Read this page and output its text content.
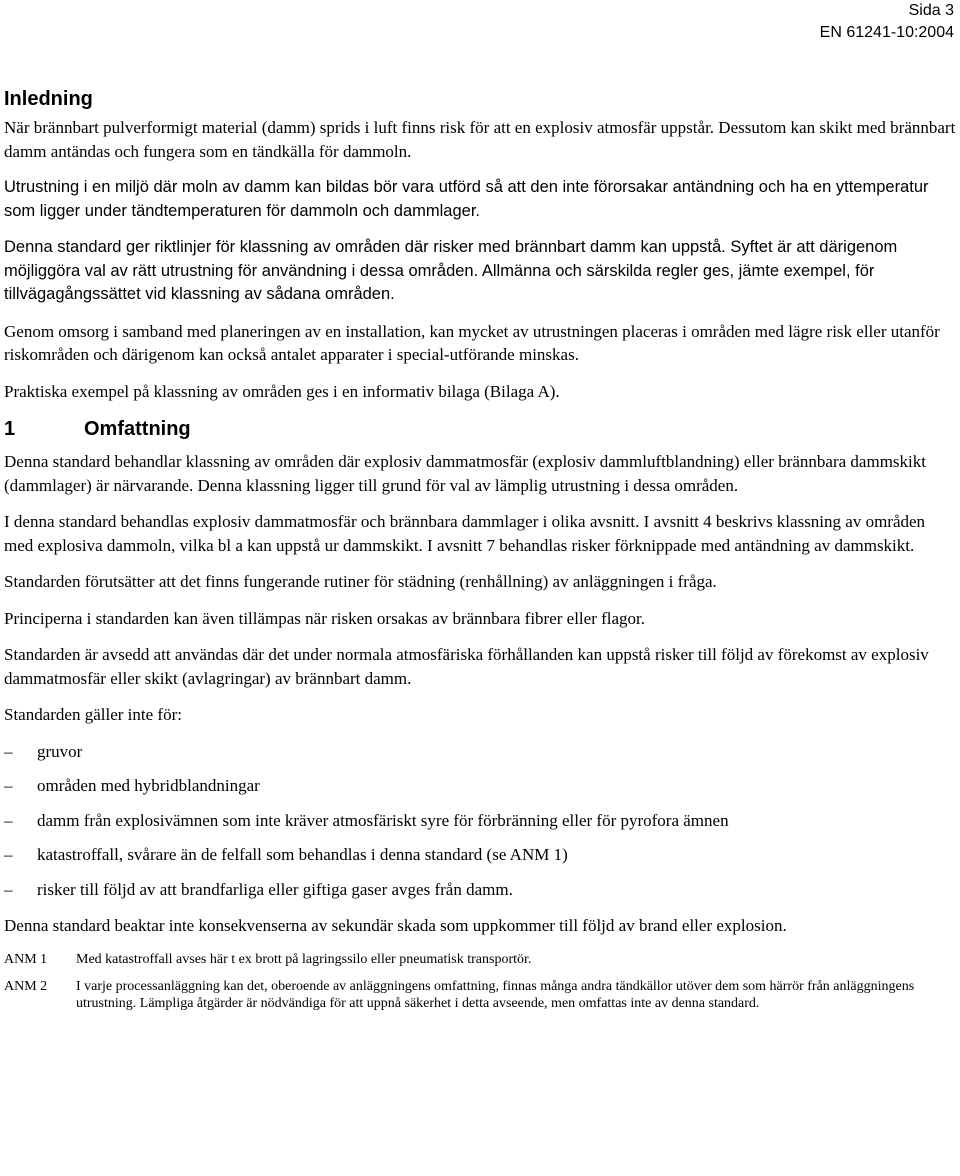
Sida 3
EN 61241-10:2004
Inledning

När brännbart pulverformigt material (damm) sprids i luft finns risk för att en explosiv atmosfär uppstår. Dessutom kan skikt med brännbart damm antändas och fungera som en tändkälla för dammoln.

Utrustning i en miljö där moln av damm kan bildas bör vara utförd så att den inte förorsakar antändning och ha en yttemperatur som ligger under tändtemperaturen för dammoln och dammlager.

Denna standard ger riktlinjer för klassning av områden där risker med brännbart damm kan uppstå. Syftet är att därigenom möjliggöra val av rätt utrustning för användning i dessa områden. Allmänna och särskilda regler ges, jämte exempel, för tillvägagångssättet vid klassning av sådana områden.

Genom omsorg i samband med planeringen av en installation, kan mycket av utrustningen placeras i områden med lägre risk eller utanför riskområden och därigenom kan också antalet apparater i special-utförande minskas.

Praktiska exempel på klassning av områden ges i en informativ bilaga (Bilaga A).

1	Omfattning

Denna standard behandlar klassning av områden där explosiv dammatmosfär (explosiv dammluftblandning) eller brännbara dammskikt (dammlager) är närvarande. Denna klassning ligger till grund för val av lämplig utrustning i dessa områden.

I denna standard behandlas explosiv dammatmosfär och brännbara dammlager i olika avsnitt. I avsnitt 4 beskrivs klassning av områden med explosiva dammoln, vilka bl a kan uppstå ur dammskikt. I avsnitt 7 behandlas risker förknippade med antändning av dammskikt.

Standarden förutsätter att det finns fungerande rutiner för städning (renhållning) av anläggningen i fråga.

Principerna i standarden kan även tillämpas när risken orsakas av brännbara fibrer eller flagor.

Standarden är avsedd att användas där det under normala atmosfäriska förhållanden kan uppstå risker till följd av förekomst av explosiv dammatmosfär eller skikt (avlagringar) av brännbart damm.

Standarden gäller inte för:

– gruvor
– områden med hybridblandningar
– damm från explosivämnen som inte kräver atmosfäriskt syre för förbränning eller för pyrofora ämnen
– katastroffall, svårare än de felfall som behandlas i denna standard (se ANM 1)
– risker till följd av att brandfarliga eller giftiga gaser avges från damm.

Denna standard beaktar inte konsekvenserna av sekundär skada som uppkommer till följd av brand eller explosion.

ANM 1	Med katastroffall avses här t ex brott på lagringssilo eller pneumatisk transportör.
ANM 2	I varje processanläggning kan det, oberoende av anläggningens omfattning, finnas många andra tändkällor utöver dem som härrör från anläggningens utrustning. Lämpliga åtgärder är nödvändiga för att uppnå säkerhet i detta avseende, men omfattas inte av denna standard.
